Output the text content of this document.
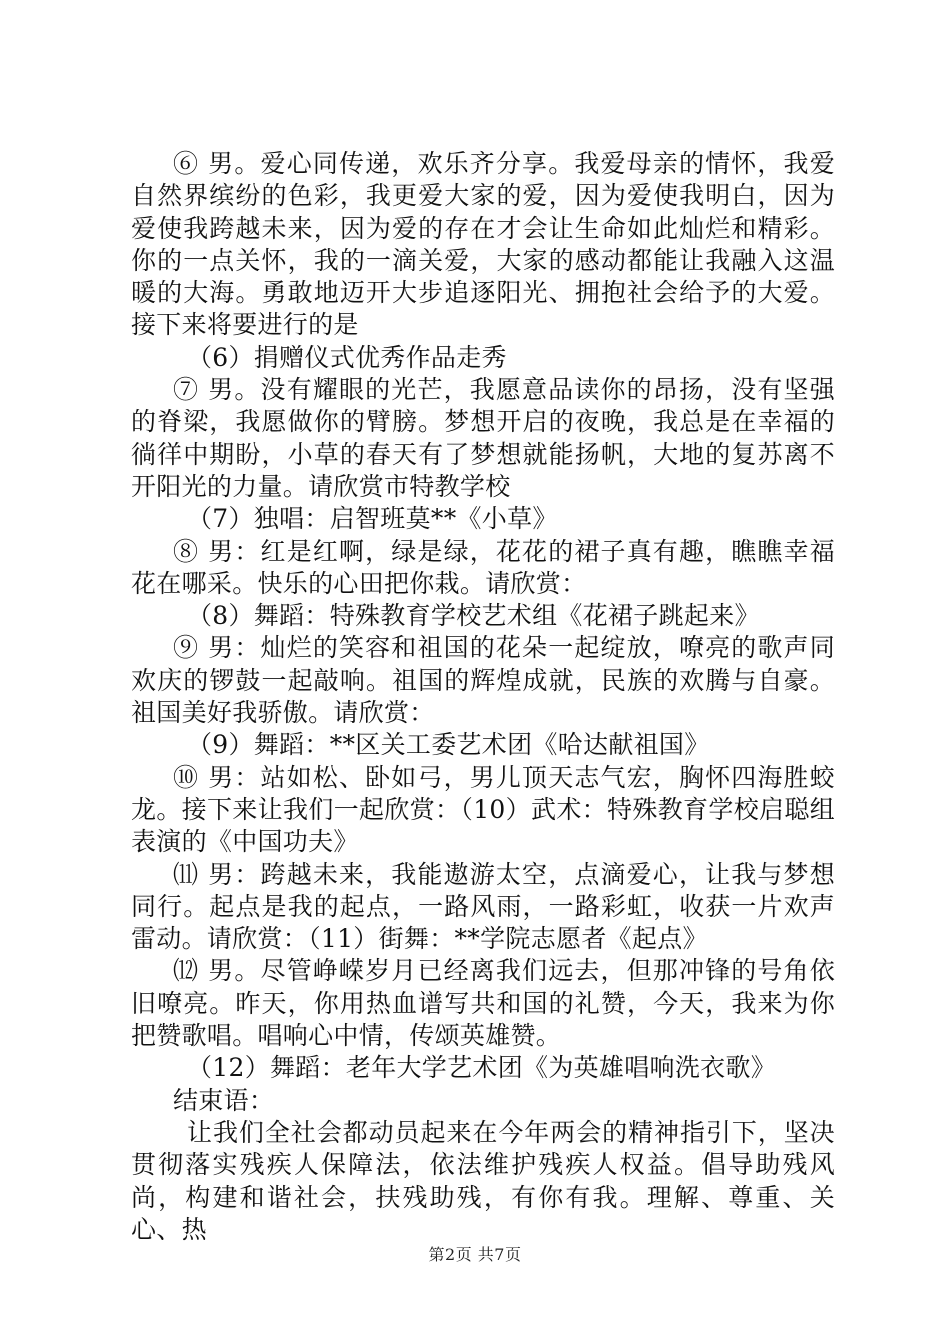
⑥ 男。爱心同传递，欢乐齐分享。我爱母亲的情怀，我爱自然界缤纷的色彩，我更爱大家的爱，因为爱使我明白，因为爱使我跨越未来，因为爱的存在才会让生命如此灿烂和精彩。你的一点关怀，我的一滴关爱，大家的感动都能让我融入这温暖的大海。勇敢地迈开大步追逐阳光、拥抱社会给予的大爱。接下来将要进行的是

（6）捐赠仪式优秀作品走秀

⑦ 男。没有耀眼的光芒，我愿意品读你的昂扬，没有坚强的脊梁，我愿做你的臂膀。梦想开启的夜晚，我总是在幸福的徜徉中期盼，小草的春天有了梦想就能扬帆，大地的复苏离不开阳光的力量。请欣赏市特教学校

（7）独唱：启智班莫**《小草》

⑧ 男：红是红啊，绿是绿，花花的裙子真有趣，瞧瞧幸福花在哪采。快乐的心田把你栽。请欣赏：

（8）舞蹈：特殊教育学校艺术组《花裙子跳起来》

⑨ 男：灿烂的笑容和祖国的花朵一起绽放，嘹亮的歌声同欢庆的锣鼓一起敲响。祖国的辉煌成就，民族的欢腾与自豪。祖国美好我骄傲。请欣赏：

（9）舞蹈：**区关工委艺术团《哈达献祖国》

⑩ 男：站如松、卧如弓，男儿顶天志气宏，胸怀四海胜蛟龙。接下来让我们一起欣赏：（10）武术：特殊教育学校启聪组表演的《中国功夫》

⑾ 男：跨越未来，我能遨游太空，点滴爱心，让我与梦想同行。起点是我的起点，一路风雨，一路彩虹，收获一片欢声雷动。请欣赏：（11）街舞：**学院志愿者《起点》

⑿ 男。尽管峥嵘岁月已经离我们远去，但那冲锋的号角依旧嘹亮。昨天，你用热血谱写共和国的礼赞，今天，我来为你把赞歌唱。唱响心中情，传颂英雄赞。

（12）舞蹈：老年大学艺术团《为英雄唱响洗衣歌》

结束语：

让我们全社会都动员起来在今年两会的精神指引下，坚决贯彻落实残疾人保障法，依法维护残疾人权益。倡导助残风尚，构建和谐社会，扶残助残，有你有我。理解、尊重、关心、热

第2页 共7页
